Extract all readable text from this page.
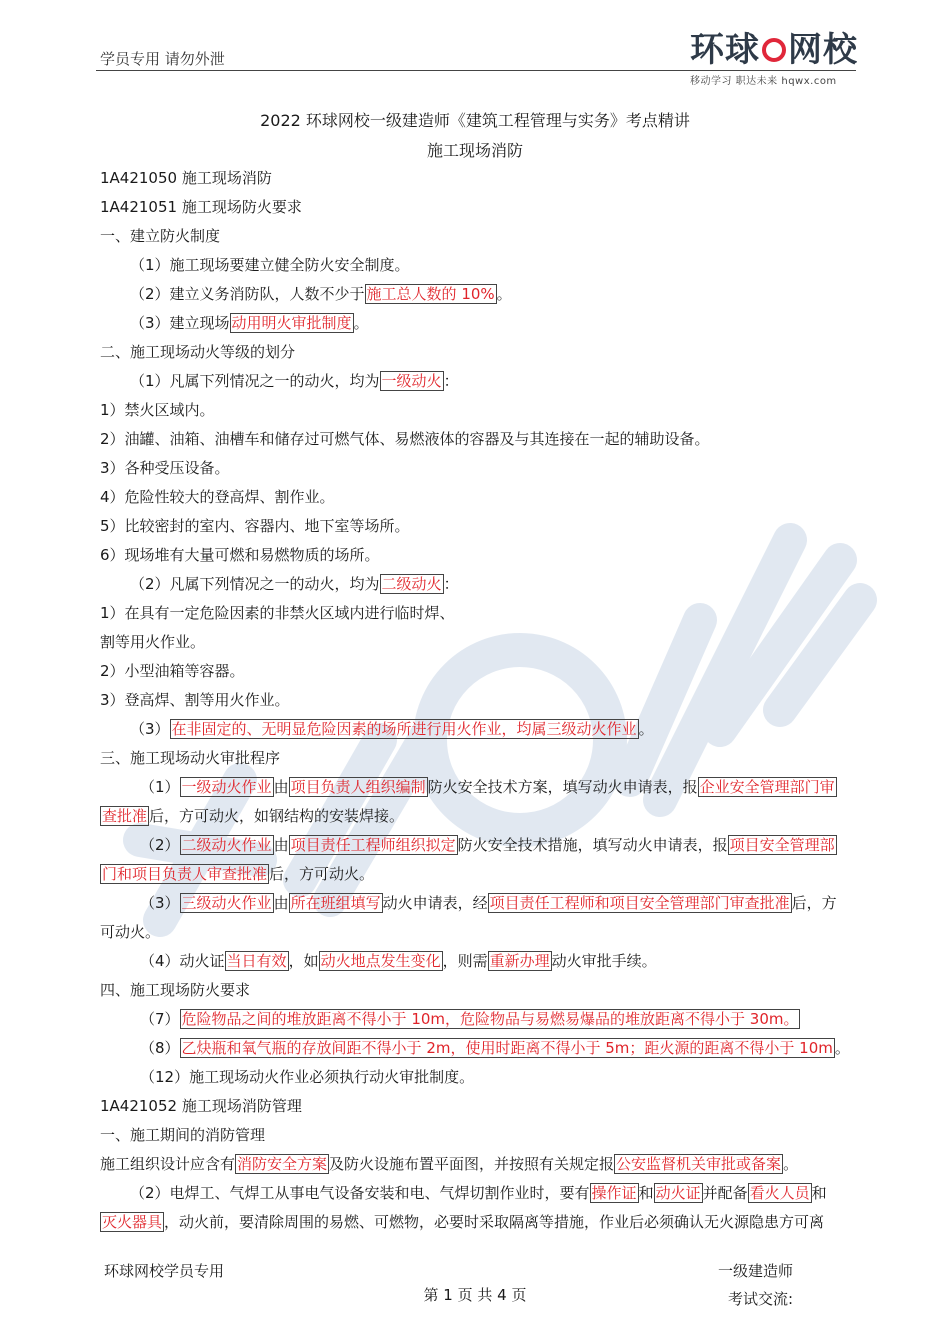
学员专用 请勿外泄	环球 网校
移动学习 职达未来 hqwx.com
2022 环球网校一级建造师《建筑工程管理与实务》考点精讲
施工现场消防
1A421050 施工现场消防
1A421051 施工现场防火要求
一、建立防火制度
（1）施工现场要建立健全防火安全制度。
（2）建立义务消防队，人数不少于 施工总人数的 10% 。
（3）建立现场 动用明火审批制度 。
二、施工现场动火等级的划分
（1）凡属下列情况之一的动火，均为 一级动火 ：
1）禁火区域内。
2）油罐、油箱、油槽车和储存过可燃气体、易燃液体的容器及与其连接在一起的辅助设备。
3）各种受压设备。
4）危险性较大的登高焊、割作业。
5）比较密封的室内、容器内、地下室等场所。
6）现场堆有大量可燃和易燃物质的场所。
（2）凡属下列情况之一的动火，均为 二级动火 ：
1）在具有一定危险因素的非禁火区域内进行临时焊、
割等用火作业。
2）小型油箱等容器。
3）登高焊、割等用火作业。
（3） 在非固定的、无明显危险因素的场所进行用火作业，均属三级动火作业 。
三、施工现场动火审批程序
（1） 一级动火作业 由 项目负责人组织编制 防火安全技术方案，填写动火申请表，报 企业安全管理部门审
查批准 后，方可动火，如钢结构的安装焊接。
（2） 二级动火作业 由 项目责任工程师组织拟定 防火安全技术措施，填写动火申请表，报 项目安全管理部
门和项目负责人审查批准 后，方可动火。
（3） 三级动火作业 由 所在班组填写 动火申请表，经 项目责任工程师和项目安全管理部门审查批准 后，方
可动火。
（4）动火证 当日有效 ，如 动火地点发生变化 ，则需 重新办理 动火审批手续。
四、施工现场防火要求
（7） 危险物品之间的堆放距离不得小于 10m，危险物品与易燃易爆品的堆放距离不得小于 30m。
（8） 乙炔瓶和氧气瓶的存放间距不得小于 2m，使用时距离不得小于 5m；距火源的距离不得小于 10m 。
（12）施工现场动火作业必须执行动火审批制度。
1A421052 施工现场消防管理
一、施工期间的消防管理
施工组织设计应含有 消防安全方案 及防火设施布置平面图，并按照有关规定报 公安监督机关审批或备案 。
（2）电焊工、气焊工从事电气设备安装和电、气焊切割作业时，要有 操作证 和 动火证 并配备 看火人员 和
灭火器具 ，动火前，要清除周围的易燃、可燃物，必要时采取隔离等措施，作业后必须确认无火源隐患方可离
环球网校学员专用	一级建造师
考试交流:
第 1 页 共 4 页
